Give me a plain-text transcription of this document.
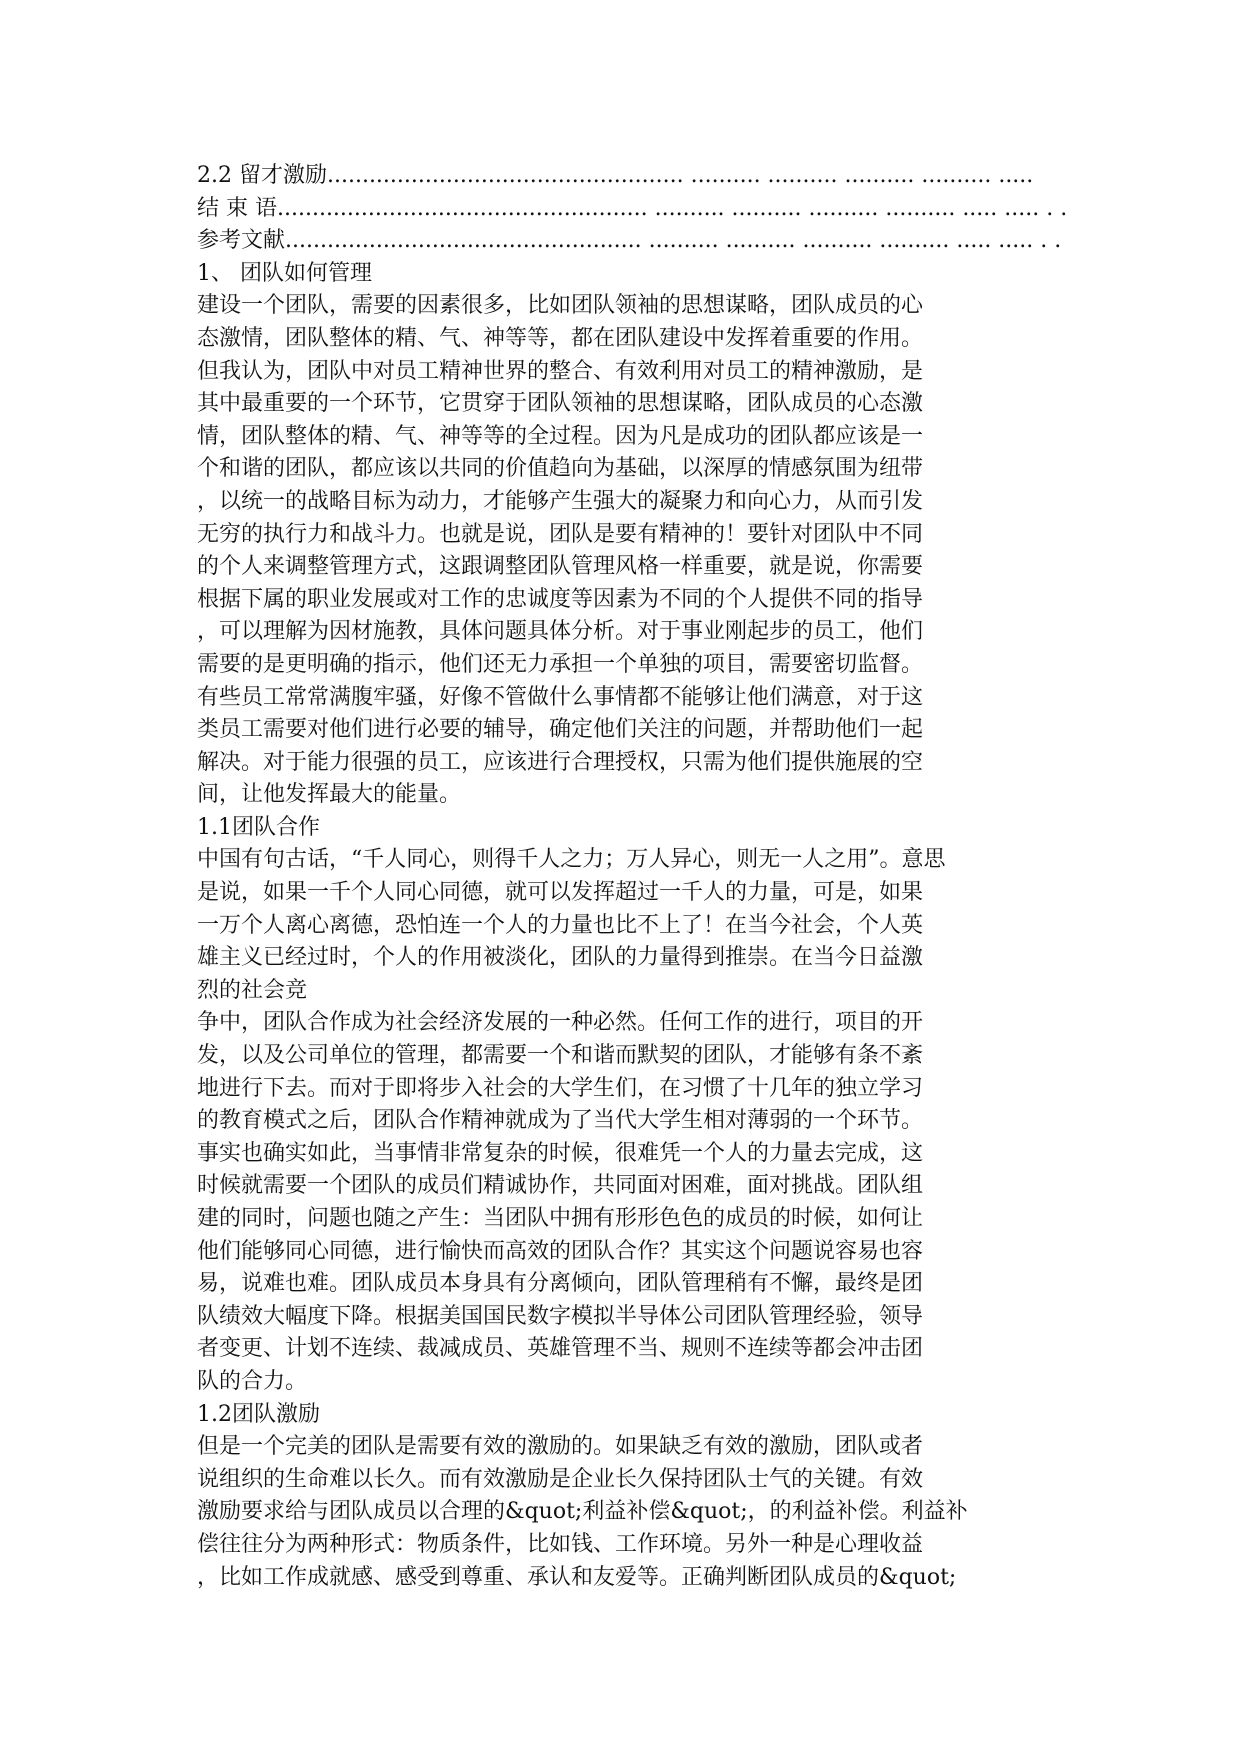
2.2 留才激励................................................... .......... .......... .......... .......... .....
结 束 语..................................................... .......... .......... .......... .......... ..... ..... . .
参考文献................................................... .......... .......... .......... .......... ..... ..... . .
1、 团队如何管理
建设一个团队，需要的因素很多，比如团队领袖的思想谋略，团队成员的心
态激情，团队整体的精、气、神等等，都在团队建设中发挥着重要的作用。
但我认为，团队中对员工精神世界的整合、有效利用对员工的精神激励，是
其中最重要的一个环节，它贯穿于团队领袖的思想谋略，团队成员的心态激
情，团队整体的精、气、神等等的全过程。因为凡是成功的团队都应该是一
个和谐的团队，都应该以共同的价值趋向为基础，以深厚的情感氛围为纽带
，以统一的战略目标为动力，才能够产生强大的凝聚力和向心力，从而引发
无穷的执行力和战斗力。也就是说，团队是要有精神的！要针对团队中不同
的个人来调整管理方式，这跟调整团队管理风格一样重要，就是说，你需要
根据下属的职业发展或对工作的忠诚度等因素为不同的个人提供不同的指导
，可以理解为因材施教，具体问题具体分析。对于事业刚起步的员工，他们
需要的是更明确的指示，他们还无力承担一个单独的项目，需要密切监督。
有些员工常常满腹牢骚，好像不管做什么事情都不能够让他们满意，对于这
类员工需要对他们进行必要的辅导，确定他们关注的问题，并帮助他们一起
解决。对于能力很强的员工，应该进行合理授权，只需为他们提供施展的空
间，让他发挥最大的能量。
1.1团队合作
中国有句古话，“千人同心，则得千人之力；万人异心，则无一人之用”。意思
是说，如果一千个人同心同德，就可以发挥超过一千人的力量，可是，如果
一万个人离心离德，恐怕连一个人的力量也比不上了！在当今社会，个人英
雄主义已经过时，个人的作用被淡化，团队的力量得到推崇。在当今日益激
烈的社会竞
争中，团队合作成为社会经济发展的一种必然。任何工作的进行，项目的开
发，以及公司单位的管理，都需要一个和谐而默契的团队，才能够有条不紊
地进行下去。而对于即将步入社会的大学生们，在习惯了十几年的独立学习
的教育模式之后，团队合作精神就成为了当代大学生相对薄弱的一个环节。
事实也确实如此，当事情非常复杂的时候，很难凭一个人的力量去完成，这
时候就需要一个团队的成员们精诚协作，共同面对困难，面对挑战。团队组
建的同时，问题也随之产生：当团队中拥有形形色色的成员的时候，如何让
他们能够同心同德，进行愉快而高效的团队合作？其实这个问题说容易也容
易，说难也难。团队成员本身具有分离倾向，团队管理稍有不懈，最终是团
队绩效大幅度下降。根据美国国民数字模拟半导体公司团队管理经验，领导
者变更、计划不连续、裁减成员、英雄管理不当、规则不连续等都会冲击团
队的合力。
1.2团队激励
但是一个完美的团队是需要有效的激励的。如果缺乏有效的激励，团队或者
说组织的生命难以长久。而有效激励是企业长久保持团队士气的关键。有效
激励要求给与团队成员以合理的&quot;利益补偿&quot;，的利益补偿。利益补
偿往往分为两种形式：物质条件，比如钱、工作环境。另外一种是心理收益
，比如工作成就感、感受到尊重、承认和友爱等。正确判断团队成员的&quot;
